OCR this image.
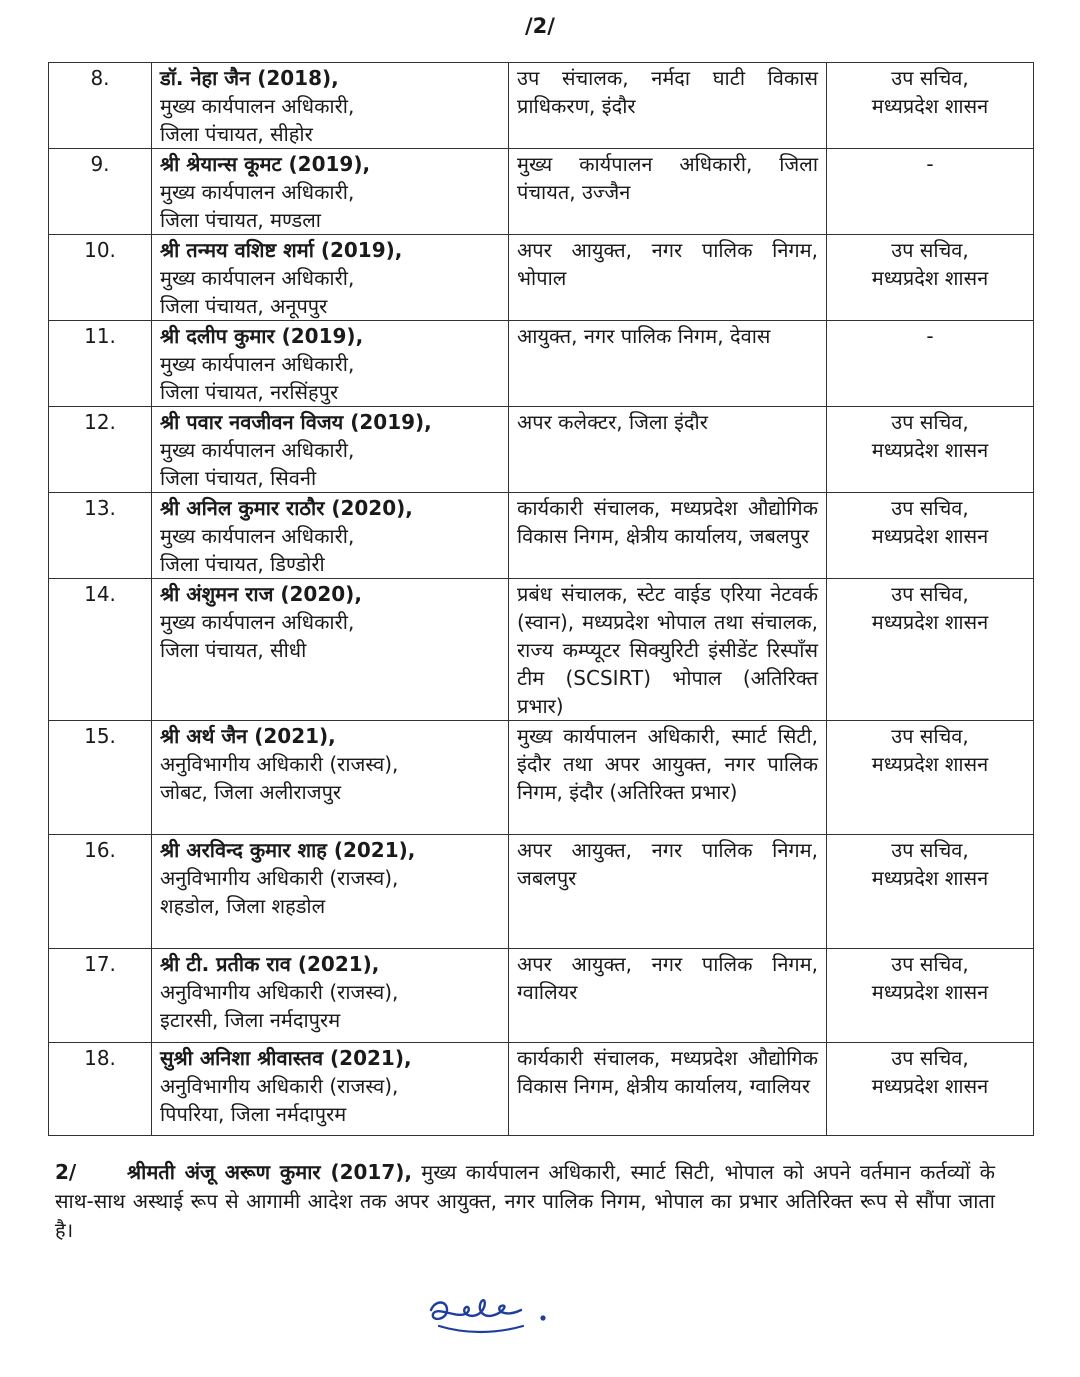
/2/
8.	डॉ. नेहा जैन (2018),
मुख्य कार्यपालन अधिकारी,
जिला पंचायत, सीहोर	उप संचालक, नर्मदा घाटी विकास प्राधिकरण, इंदौर	उप सचिव,
मध्यप्रदेश शासन

9.	श्री श्रेयान्स कूमट (2019),
मुख्य कार्यपालन अधिकारी,
जिला पंचायत, मण्डला	मुख्य कार्यपालन अधिकारी, जिला पंचायत, उज्जैन	-

10.	श्री तन्मय वशिष्ट शर्मा (2019),
मुख्य कार्यपालन अधिकारी,
जिला पंचायत, अनूपपुर	अपर आयुक्त, नगर पालिक निगम, भोपाल	उप सचिव,
मध्यप्रदेश शासन

11.	श्री दलीप कुमार (2019),
मुख्य कार्यपालन अधिकारी,
जिला पंचायत, नरसिंहपुर	आयुक्त, नगर पालिक निगम, देवास	-

12.	श्री पवार नवजीवन विजय (2019),
मुख्य कार्यपालन अधिकारी,
जिला पंचायत, सिवनी	अपर कलेक्टर, जिला इंदौर	उप सचिव,
मध्यप्रदेश शासन

13.	श्री अनिल कुमार राठौर (2020),
मुख्य कार्यपालन अधिकारी,
जिला पंचायत, डिण्डोरी	कार्यकारी संचालक, मध्यप्रदेश औद्योगिक विकास निगम, क्षेत्रीय कार्यालय, जबलपुर	उप सचिव,
मध्यप्रदेश शासन

14.	श्री अंशुमन राज (2020),
मुख्य कार्यपालन अधिकारी,
जिला पंचायत, सीधी	प्रबंध संचालक, स्टेट वाईड एरिया नेटवर्क (स्वान), मध्यप्रदेश भोपाल तथा संचालक, राज्य कम्प्यूटर सिक्युरिटी इंसीडेंट रिस्पॉंस टीम (SCSIRT) भोपाल (अतिरिक्त प्रभार)	उप सचिव,
मध्यप्रदेश शासन

15.	श्री अर्थ जैन (2021),
अनुविभागीय अधिकारी (राजस्व),
जोबट, जिला अलीराजपुर	मुख्य कार्यपालन अधिकारी, स्मार्ट सिटी, इंदौर तथा अपर आयुक्त, नगर पालिक निगम, इंदौर (अतिरिक्त प्रभार)	उप सचिव,
मध्यप्रदेश शासन

16.	श्री अरविन्द कुमार शाह (2021),
अनुविभागीय अधिकारी (राजस्व),
शहडोल, जिला शहडोल	अपर आयुक्त, नगर पालिक निगम, जबलपुर	उप सचिव,
मध्यप्रदेश शासन

17.	श्री टी. प्रतीक राव (2021),
अनुविभागीय अधिकारी (राजस्व),
इटारसी, जिला नर्मदापुरम	अपर आयुक्त, नगर पालिक निगम, ग्वालियर	उप सचिव,
मध्यप्रदेश शासन

18.	सुश्री अनिशा श्रीवास्तव (2021),
अनुविभागीय अधिकारी (राजस्व),
पिपरिया, जिला नर्मदापुरम	कार्यकारी संचालक, मध्यप्रदेश औद्योगिक विकास निगम, क्षेत्रीय कार्यालय, ग्वालियर	उप सचिव,
मध्यप्रदेश शासन
2/	श्रीमती अंजू अरूण कुमार (2017), मुख्य कार्यपालन अधिकारी, स्मार्ट सिटी, भोपाल को अपने वर्तमान कर्तव्यों के साथ-साथ अस्थाई रूप से आगामी आदेश तक अपर आयुक्त, नगर पालिक निगम, भोपाल का प्रभार अतिरिक्त रूप से सौंपा जाता है।
